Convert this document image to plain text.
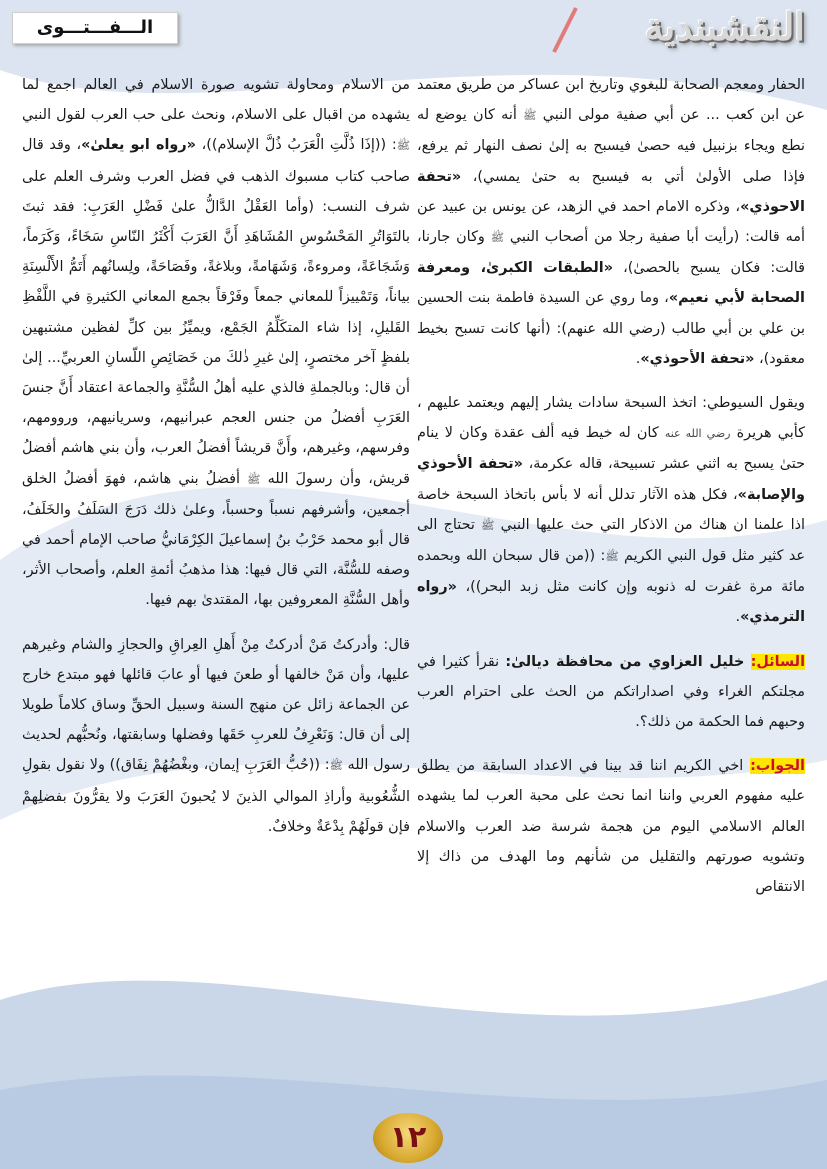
الـــفـــتـــوى	النقشبندية

الحفار ومعجم الصحابة للبغوي وتاريخ ابن عساكر من طريق معتمد عن ابن كعب ... عن أبي صفية مولى النبي ﷺ أنه كان يوضع له نطع ويجاء بزنبيل فيه حصىٰ فيسبح به إلىٰ نصف النهار ثم يرفع، فإذا صلى الأولىٰ أتي به فيسبح به حتىٰ يمسي)، «تحفة الاحوذي»، وذكره الامام احمد في الزهد، عن يونس بن عبيد عن أمه قالت: (رأيت أبا صفية رجلا من أصحاب النبي ﷺ وكان جارنا، قالت: فكان يسبح بالحصىٰ)، «الطبقات الكبرىٰ، ومعرفة الصحابة لأبي نعيم»، وما روي عن السيدة فاطمة بنت الحسين بن علي بن أبي طالب (رضي الله عنهم): (أنها كانت تسبح بخيط معقود)، «تحفة الأحوذي».

ويقول السيوطي: اتخذ السبحة سادات يشار إليهم ويعتمد عليهم ، كأبي هريرة رضي الله عنه كان له خيط فيه ألف عقدة وكان لا ينام حتىٰ يسبح به اثني عشر تسبيحة، قاله عكرمة، «تحفة الأحوذي والإصابة»، فكل هذه الآثار تدلل أنه لا بأس باتخاذ السبحة خاصة اذا علمنا ان هناك من الاذكار التي حث عليها النبي ﷺ تحتاج الى عد كثير مثل قول النبي الكريم ﷺ: ((من قال سبحان الله وبحمده مائة مرة غفرت له ذنوبه وإن كانت مثل زبد البحر))، «رواه الترمذي».

السائل: خليل العزاوي من محافظة ديالىٰ: نقرأ كثيرا في مجلتكم الغراء وفي اصداراتكم من الحث على احترام العرب وحبهم فما الحكمة من ذلك؟.

الجواب: اخي الكريم اننا قد بينا في الاعداد السابقة من يطلق عليه مفهوم العربي واننا انما نحث على محبة العرب لما يشهده العالم الاسلامي اليوم من هجمة شرسة ضد العرب والاسلام وتشويه صورتهم والتقليل من شأنهم وما الهدف من ذاك إلا الانتقاص

من الاسلام ومحاولة تشويه صورة الاسلام في العالم اجمع لما يشهده من اقبال على الاسلام، ونحث على حب العرب لقول النبي ﷺ: ((إذَا ذُلَّتِ الْعَرَبُ ذُلَّ الإسلام))، «رواه ابو يعلىٰ»، وقد قال صاحب كتاب مسبوك الذهب في فضل العرب وشرف العلم على شرف النسب: (وأما العَقْلُ الدَّالُّ علىٰ فَضْلِ العَرَبِ: فقد ثبتَ بالتَوَاتُرِ المَحْسُوسِ المُشَاهَدِ أَنَّ العَرَبَ أَكْثَرُ النّاسِ سَخَاءً، وَكَرَماً، وَشَجَاعَةً، ومروءةً، وَشَهَامةً، وبلاغةً، وفَصَاحَةً، ولِسانُهم أَتَمُّ الأَلْسِنَةِ بياناً، وَتَمْييزاً للمعاني جمعاً وفَرْقاً بجمع المعاني الكثيرةِ في اللَّفْظِ القَليلِ، إذا شاء المتكَلِّمُ الجَمْع، ويميِّزُ بين كلِّ لفظين مشتبهين بلفظٍ آخر مختصرٍ، إلىٰ غيرِ ذٰلكَ من خَصَائِصِ اللّسانِ العربيِّ... إلىٰ أن قال: وبالجملةِ فالذي عليه أهلُ السُّنَّةِ والجماعة اعتقاد أَنَّ جنسَ العَرَبِ أفضلُ من جنس العجم عبرانيهم، وسريانيهم، وروومهم، وفرسهم، وغيرهم، وأَنَّ قريشاً أفضلُ العرب، وأن بني هاشم أفضلُ قريش، وأن رسولَ الله ﷺ أفضلُ بني هاشم، فهوَ أفضلُ الخلق أجمعين، وأشرفهم نسباً وحسباً، وعلىٰ ذلك دَرَجَ السَلَفُ والخَلَفُ، قال أبو محمد حَرْبُ بنُ إسماعيلَ الكِرْمَانيُّ صاحب الإمام أحمد في وصفه للسُّنَّة، التي قال فيها: هذا مذهبُ أئمةِ العلم، وأصحاب الأثر، وأهل السُّنَّةِ المعروفين بها، المقتدىٰ بهم فيها.

قال: وأدركتُ مَنْ أدركتُ مِنْ أَهلِ العِراقِ والحجازِ والشام وغيرهم عليها، وأن مَنْ خالفها أو طعنَ فيها أو عابَ قائلها فهو مبتدع خارج عن الجماعة زائل عن منهج السنة وسبيل الحقِّ وساق كلاماً طويلا إلى أن قال: وَنَعْرِفُ للعربِ حَقَها وفضلها وسابقتها، ونُحبُّهم لحديث رسول الله ﷺ: ((حُبُّ العَرَبِ إيمان، وبغْضُهُمْ نِفَاق)) ولا نقول بقولِ الشُّعُوبية وأراذِ الموالي الذينَ لا يُحبونَ العَرَبَ ولا يقرُّونَ بفضلِهمْ فإن قولَهُمْ بِدْعَةٌ وخلافٌ.

١٢
